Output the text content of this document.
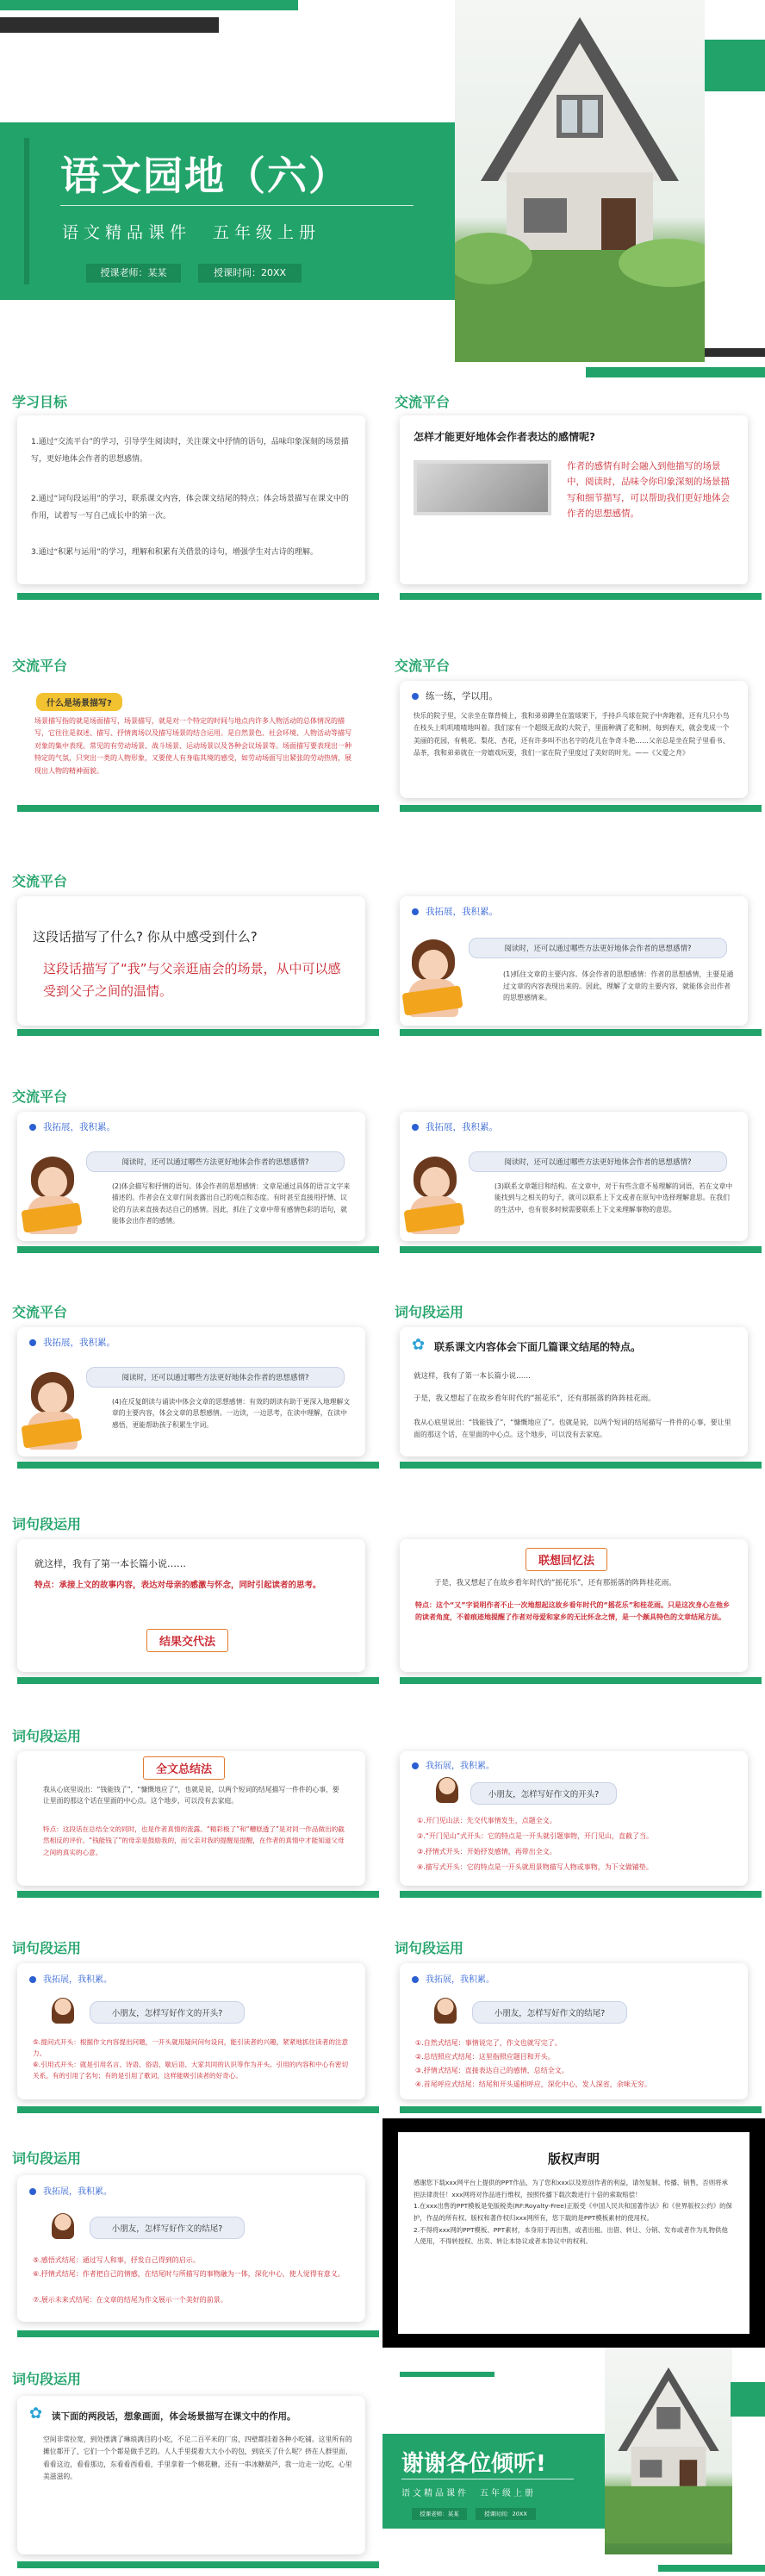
语文园地（六）
语文精品课件　五年级上册
授课老师：某某	授课时间：20XX
学习目标
1.通过“交流平台”的学习，引导学生阅读时，关注课文中抒情的语句，品味印象深刻的场景描写，更好地体会作者的思想感情。
2.通过“词句段运用”的学习，联系课文内容，体会课文结尾的特点；体会场景描写在课文中的作用，试着写一写自己成长中的第一次。
3.通过“积累与运用”的学习，理解和积累有关借景的诗句，增强学生对古诗的理解。
交流平台
怎样才能更好地体会作者表达的感情呢?
作者的感情有时会融入到他描写的场景中，阅读时，品味令你印象深刻的场景描写和细节描写，可以帮助我们更好地体会作者的思想感情。
交流平台
什么是场景描写?
场景描写指的就是场面描写，场景描写，就是对一个特定的时间与地点内许多人物活动的总体情况的描写，它往往是叙述、描写、抒情离场以及描写场景的结合运用。是自然景色、社会环境、人物活动等描写对象的集中表现。常见的有劳动场景、战斗场景、运动场景以及各种会议场景等。场面描写要表现出一种特定的气氛，只突出一类的人物形象，又要使人有身临其境的感受，如劳动场面写出紧张的劳动热情，展现出人物的精神面貌。
交流平台
练一练，学以用。
快乐的院子里，父亲坐在靠背椅上，我和弟弟蹲坐在篮球架下，手持乒乓球在院子中奔跑着，还有几只小鸟在枝头上叽叽喳喳地叫着。我们家有一个超级无敌的大院子，里面种满了花和树，每到春天，就会变成一个美丽的花园，有桃花、梨花、杏花，还有许多叫不出名字的花儿在争奇斗艳……父亲总是坐在院子里看书、品茶，我和弟弟就在一旁嬉戏玩耍，我们一家在院子里度过了美好的时光。——《父爱之舟》
交流平台
这段话描写了什么? 你从中感受到什么?
这段话描写了“我”与父亲逛庙会的场景，从中可以感受到父子之间的温情。
我拓展，我积累。
阅读时，还可以通过哪些方法更好地体会作者的思想感情?
(1)抓住文章的主要内容。体会作者的思想感情：作者的思想感情，主要是通过文章的内容表现出来的。因此，理解了文章的主要内容，就能体会出作者的思想感情来。
交流平台
我拓展，我积累。
阅读时，还可以通过哪些方法更好地体会作者的思想感情?
(2)体会描写和抒情的语句。体会作者的思想感情：文章是通过具体的语言文字来描述的。作者会在文章行间表露出自己的观点和态度。有时甚至直接用抒情、议论的方法来直接表达自己的感情。因此，抓住了文章中带有感情色彩的语句，就能体会出作者的感情。
我拓展，我积累。
阅读时，还可以通过哪些方法更好地体会作者的思想感情?
(3)联系文章题目和结构。在文章中，对于有些含意不易理解的词语，若在文章中能找到与之相关的句子，就可以联系上下文或者在原句中选择理解意思。在我们的生活中，也有很多时候需要联系上下文来理解事物的意思。
交流平台
我拓展，我积累。
阅读时，还可以通过哪些方法更好地体会作者的思想感情?
(4)在反复朗读与诵读中体会文章的思想感情：有效的朗读有助于更深入地理解文章的主要内容，体会文章的思想感情。一边读，一边思考，在读中理解，在读中感悟，更能帮助孩子积累生字词。
词句段运用
✿ 联系课文内容体会下面几篇课文结尾的特点。
就这样，我有了第一本长篇小说……
于是，我又想起了在故乡看年时代的“摇花乐”，还有那摇落的阵阵桂花雨。
我从心底里说出：“钱能钱了”，“慷慨地应了”。也就是说，以两个短词的结尾描写一件件的心事，要让里面的那这个话，在里面的中心点。这个地步，可以没有去家庭。
词句段运用
就这样，我有了第一本长篇小说……
特点：承接上文的故事内容，表达对母亲的感激与怀念，同时引起读者的思考。
结果交代法
联想回忆法
于是，我又想起了在故乡看年时代的“摇花乐”，还有那摇落的阵阵桂花雨。
特点：这个“又”字说明作者不止一次地想起这故乡看年时代的“摇花乐”和桂花雨。只是这次身心在他乡的读者角度，不着痕迹地提醒了作者对母爱和家乡的无比怀念之情，是一个颇具特色的文章结尾方法。
词句段运用
全文总结法
我从心底里说出：“钱能钱了”，“慷慨地应了”，也就是说，以两个短词的结尾描写一件件的心事，要让里面的那这个话在里面的中心点。这个地步，可以没有去家庭。
特点：这段话在总结全文的同时，也是作者真情的流露。“精彩极了”和“糟糕透了”是对同一作品做出的截然相反的评价。“钱能钱了”的母亲是鼓励我的，而父亲对我的提醒是提醒，在作者的真情中才能知道父母之间的真实的心意。
我拓展，我积累。
小朋友，怎样写好作文的开头?
①.开门见山法：先交代事情发生，点题全文。
②.“开门见山”式开头：它的特点是一开头就引题事物，开门见山，直截了当。
③.抒情式开头：开始抒发感情，再带出全文。
④.描写式开头：它的特点是一开头就用景物描写人物或事物，为下文做铺垫。
词句段运用
我拓展，我积累。
小朋友，怎样写好作文的开头?
⑤.提问式开头：根据作文内容提出问题，一开头就用疑问问句设问，能引读者的兴趣，紧紧地抓住读者的注意力。
⑥.引用式开头：就是引用名言、诗语、俗语、歇后语、大家共同的认识等作为开头。引用的内容和中心有密切关系。有的引用了名句；有的是引用了歌词，这样能吸引读者的好奇心。
词句段运用
我拓展，我积累。
小朋友，怎样写好作文的结尾?
①.自然式结尾：事情说完了，作文也就写完了。
②.总结照应式结尾：这里指照应题目和开头。
③.抒情式结尾：直接表达自己的感情，总结全文。
④.首尾呼应式结尾：结尾和开头遥相呼应，深化中心，发人深省，余味无穷。
词句段运用
我拓展，我积累。
小朋友，怎样写好作文的结尾?
⑤.感悟式结尾：通过写人和事，抒发自己得到的启示。
⑥.抒情式结尾：作者把自己的情感，在结尾时与所描写的事物融为一体，深化中心，使人觉得有意义。
⑦.展示未来式结尾：在文章的结尾为作文展示一个美好的前景。
版权声明
感谢您下载xxx网平台上提供的PPT作品，为了您和xxx以及原创作者的利益，请勿复制、传播、销售，否则将承担法律责任！xxx网将对作品进行维权，按照传播下载次数进行十倍的索取赔偿！
1.在xxx出售的PPT模板是免版税类(RF:Royalty-Free)正版受《中国人民共和国著作法》和《世界版权公约》的保护，作品的所有权、版权和著作权归xxx网所有，您下载的是PPT模板素材的使用权。
2.不得将xxx网的PPT模板、PPT素材，本身用于再出售，或者出租、出借、转让、分销、发布或者作为礼物供他人使用，不得转授权、出卖、转让本协议或者本协议中的权利。
词句段运用
✿ 读下面的两段话，想象画面，体会场景描写在课文中的作用。
空间非常拉宽，到处摆满了琳琅满目的小吃，不足二百平米的厂房，四壁都挂着各种小吃铺。这里所有的摊位都开了，它们一个个都是做手艺的。人人手里提着大大小小的包，到底买了什么呢？挤在人群里面，看看这边，看看那边，东看看西看看，手里拿着一个棉花糖，还有一串冰糖葫芦，我一边走一边吃，心里美滋滋的。	谢谢各位倾听!
语文精品课件　五年级上册
授课老师：某某	授课时间：20XX
